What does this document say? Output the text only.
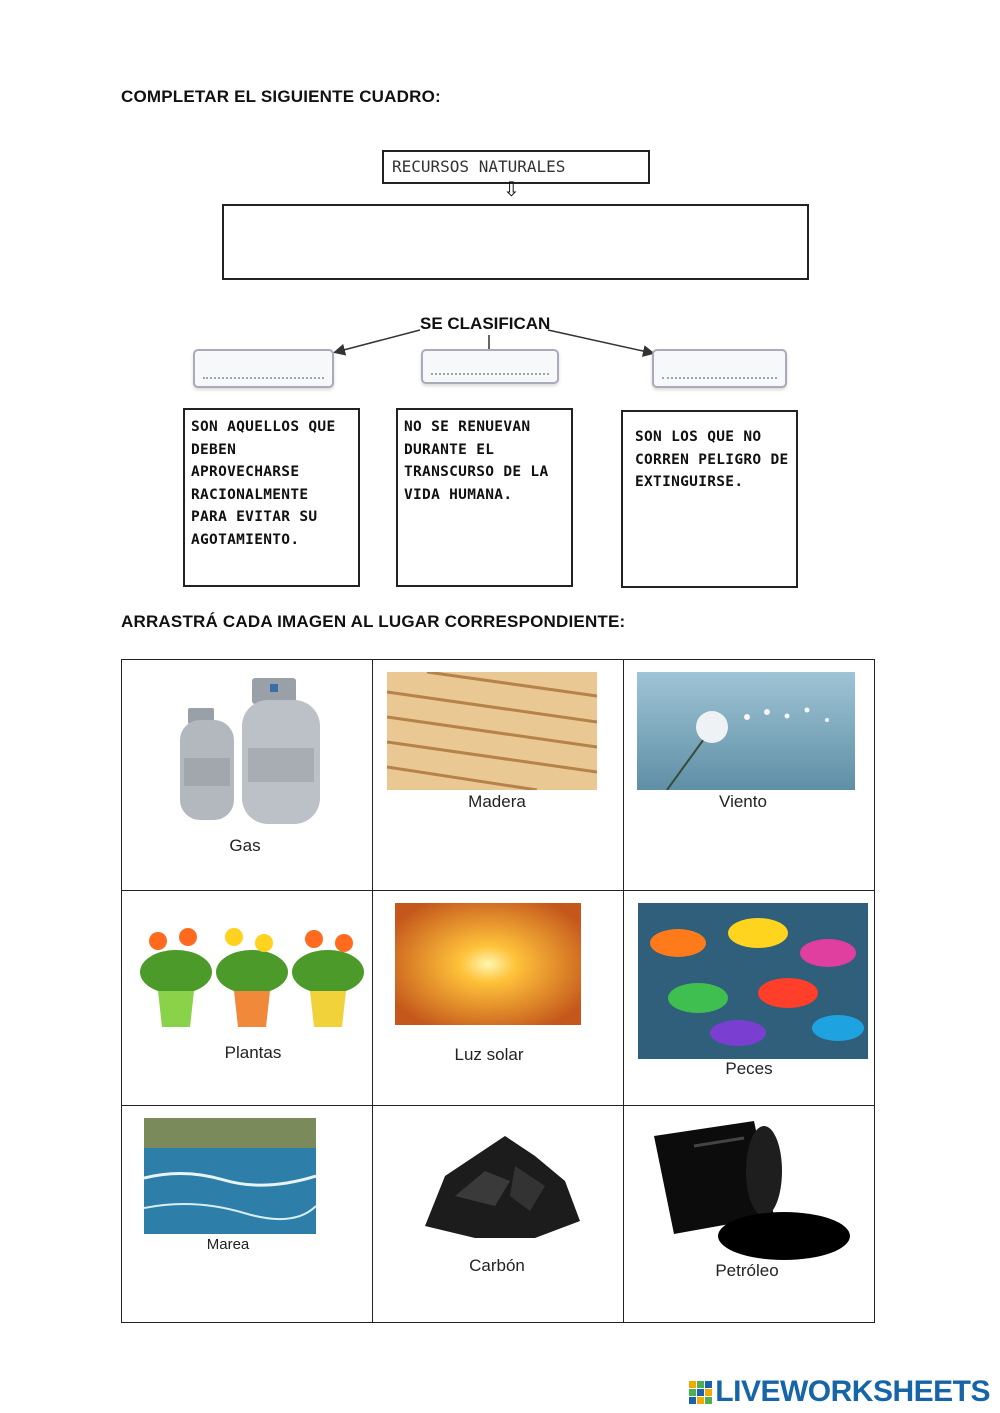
COMPLETAR EL SIGUIENTE CUADRO:
RECURSOS NATURALES
⇩
SE CLASIFICAN
SON AQUELLOS QUE DEBEN APROVECHARSE RACIONALMENTE PARA EVITAR SU AGOTAMIENTO.
NO SE RENUEVAN DURANTE EL TRANSCURSO DE LA VIDA HUMANA.
SON LOS QUE NO CORREN PELIGRO DE EXTINGUIRSE.
ARRASTRÁ CADA IMAGEN AL LUGAR CORRESPONDIENTE:
Gas	Madera	Viento

Plantas	Luz solar	Peces

Marea	Carbón	Petróleo
LIVEWORKSHEETS
